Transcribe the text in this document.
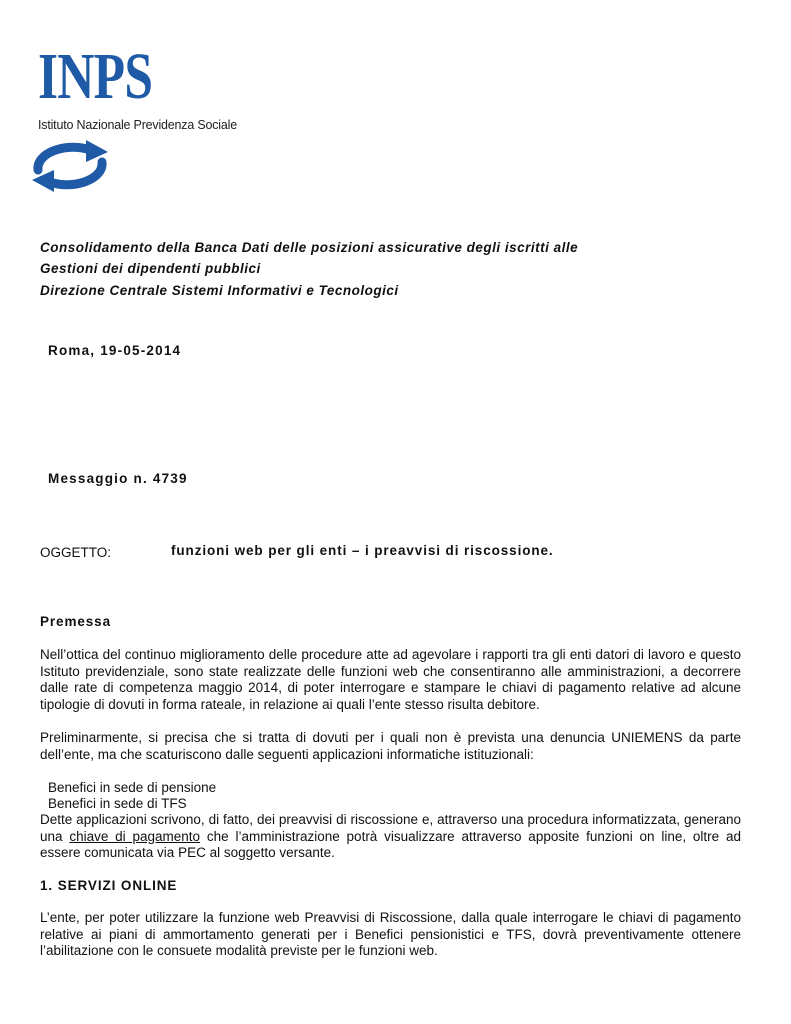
INPS
Istituto Nazionale Previdenza Sociale
Consolidamento della Banca Dati delle posizioni assicurative degli iscritti alle
Gestioni dei dipendenti pubblici
Direzione Centrale Sistemi Informativi e Tecnologici
Roma, 19-05-2014
Messaggio n. 4739
OGGETTO:	funzioni web per gli enti – i preavvisi di riscossione.
Premessa

Nell’ottica del continuo miglioramento delle procedure atte ad agevolare i rapporti tra gli enti datori di lavoro e questo Istituto previdenziale, sono state realizzate delle funzioni web che consentiranno alle amministrazioni, a decorrere dalle rate di competenza maggio 2014, di poter interrogare e stampare le chiavi di pagamento relative ad alcune tipologie di dovuti in forma rateale, in relazione ai quali l’ente stesso risulta debitore.

Preliminarmente, si precisa che si tratta di dovuti per i quali non è prevista una denuncia UNIEMENS da parte dell’ente, ma che scaturiscono dalle seguenti applicazioni informatiche istituzionali:

Benefici in sede di pensione
Benefici in sede di TFS

Dette applicazioni scrivono, di fatto, dei preavvisi di riscossione e, attraverso una procedura informatizzata, generano una chiave di pagamento che l’amministrazione potrà visualizzare attraverso apposite funzioni on line, oltre ad essere comunicata via PEC al soggetto versante.

1. SERVIZI ONLINE

L’ente, per poter utilizzare la funzione web Preavvisi di Riscossione, dalla quale interrogare le chiavi di pagamento relative ai piani di ammortamento generati per i Benefici pensionistici e TFS, dovrà preventivamente ottenere l’abilitazione con le consuete modalità previste per le funzioni web.
